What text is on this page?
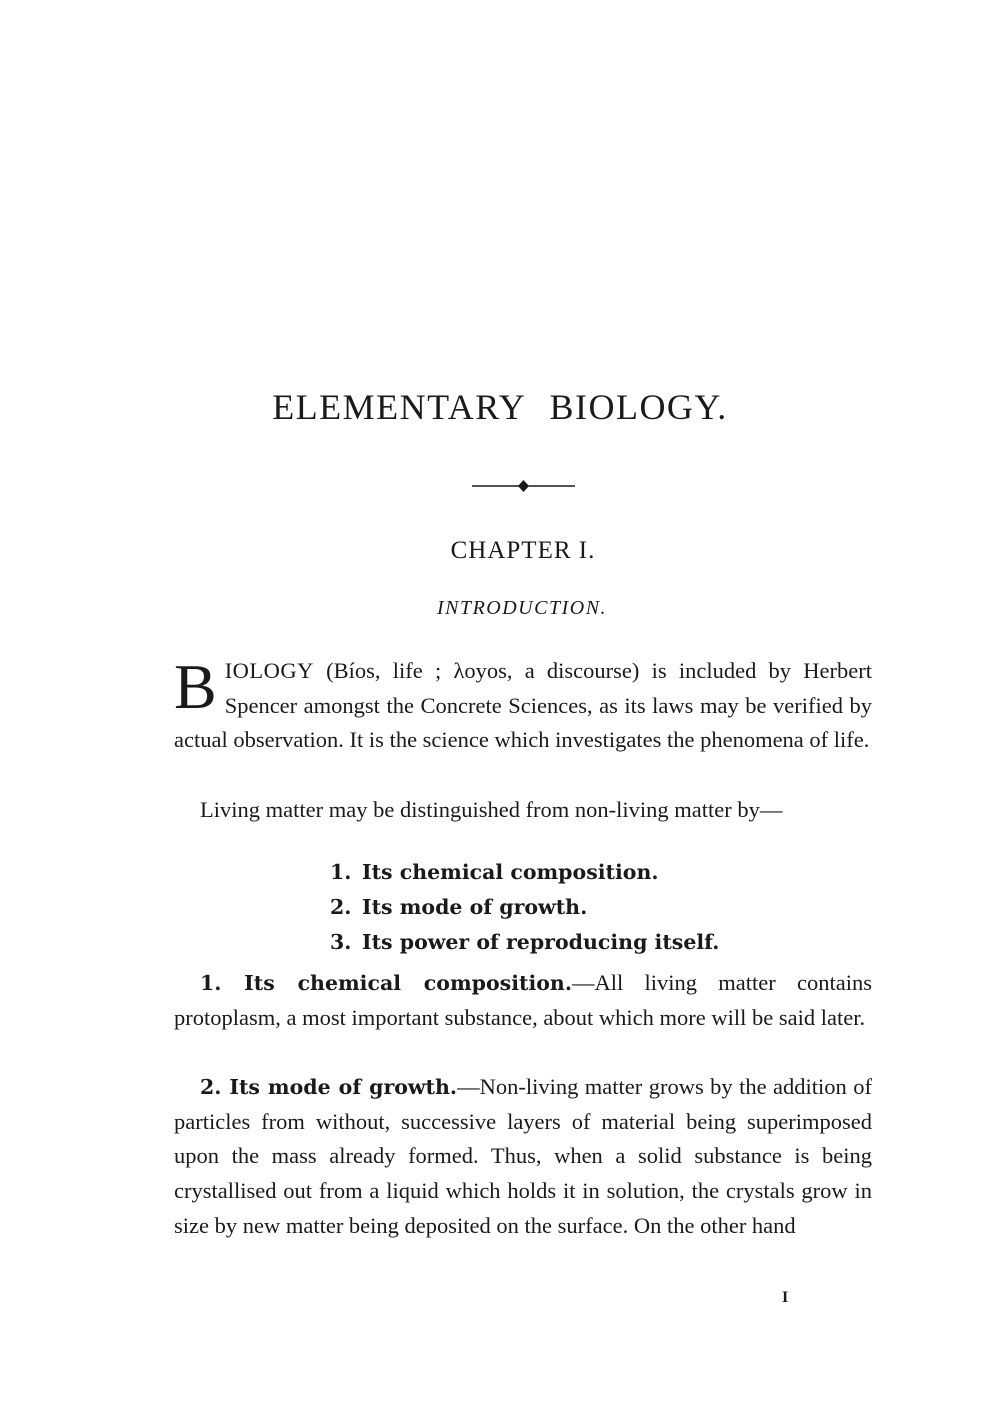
ELEMENTARY BIOLOGY.
CHAPTER I.

INTRODUCTION.

BIOLOGY (Bíos, life ; λoyos, a discourse) is included by Herbert Spencer amongst the Concrete Sciences, as its laws may be verified by actual observation. It is the science which investigates the phenomena of life.

Living matter may be distinguished from non-living matter by—

1. Its chemical composition.
2. Its mode of growth.
3. Its power of reproducing itself.

1. Its chemical composition.—All living matter contains protoplasm, a most important substance, about which more will be said later.

2. Its mode of growth.—Non-living matter grows by the addition of particles from without, successive layers of material being superimposed upon the mass already formed. Thus, when a solid substance is being crystallised out from a liquid which holds it in solution, the crystals grow in size by new matter being deposited on the surface. On the other hand

I
